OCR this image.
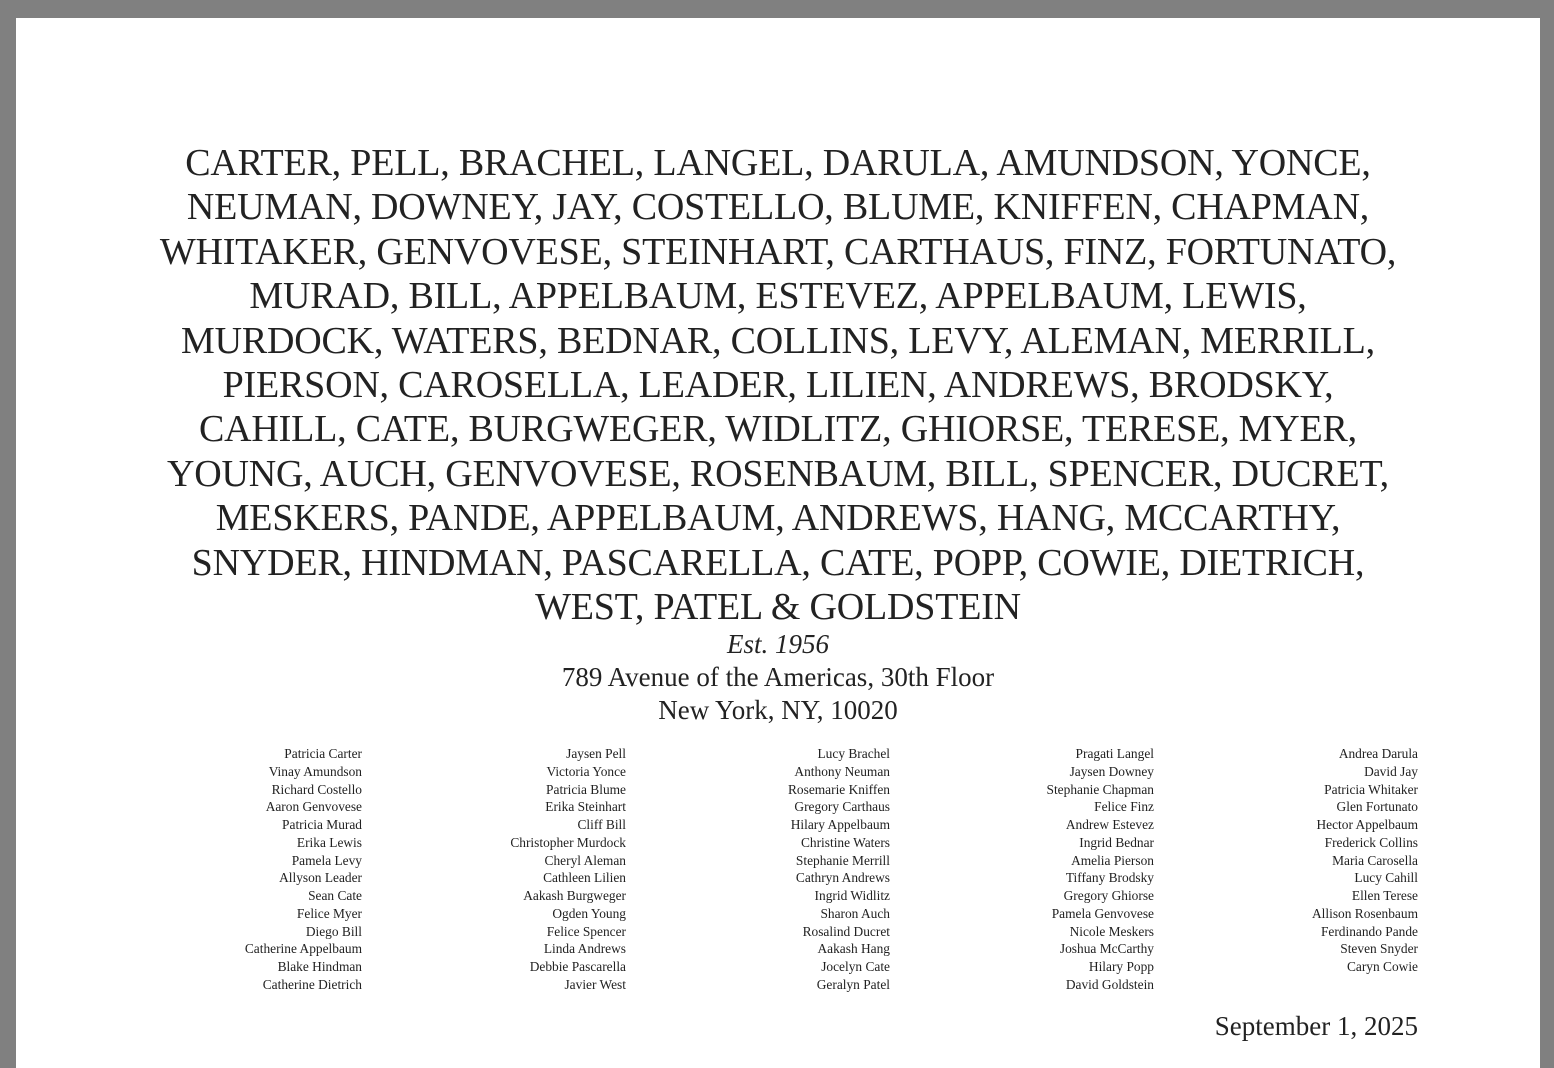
CARTER, PELL, BRACHEL, LANGEL, DARULA, AMUNDSON, YONCE,
NEUMAN, DOWNEY, JAY, COSTELLO, BLUME, KNIFFEN, CHAPMAN,
WHITAKER, GENVOVESE, STEINHART, CARTHAUS, FINZ, FORTUNATO,
MURAD, BILL, APPELBAUM, ESTEVEZ, APPELBAUM, LEWIS,
MURDOCK, WATERS, BEDNAR, COLLINS, LEVY, ALEMAN, MERRILL,
PIERSON, CAROSELLA, LEADER, LILIEN, ANDREWS, BRODSKY,
CAHILL, CATE, BURGWEGER, WIDLITZ, GHIORSE, TERESE, MYER,
YOUNG, AUCH, GENVOVESE, ROSENBAUM, BILL, SPENCER, DUCRET,
MESKERS, PANDE, APPELBAUM, ANDREWS, HANG, MCCARTHY,
SNYDER, HINDMAN, PASCARELLA, CATE, POPP, COWIE, DIETRICH,
WEST, PATEL & GOLDSTEIN
Est. 1956
789 Avenue of the Americas, 30th Floor
New York, NY, 10020
Patricia Carter
Vinay Amundson
Richard Costello
Aaron Genvovese
Patricia Murad
Erika Lewis
Pamela Levy
Allyson Leader
Sean Cate
Felice Myer
Diego Bill
Catherine Appelbaum
Blake Hindman
Catherine Dietrich
Jaysen Pell
Victoria Yonce
Patricia Blume
Erika Steinhart
Cliff Bill
Christopher Murdock
Cheryl Aleman
Cathleen Lilien
Aakash Burgweger
Ogden Young
Felice Spencer
Linda Andrews
Debbie Pascarella
Javier West
Lucy Brachel
Anthony Neuman
Rosemarie Kniffen
Gregory Carthaus
Hilary Appelbaum
Christine Waters
Stephanie Merrill
Cathryn Andrews
Ingrid Widlitz
Sharon Auch
Rosalind Ducret
Aakash Hang
Jocelyn Cate
Geralyn Patel
Pragati Langel
Jaysen Downey
Stephanie Chapman
Felice Finz
Andrew Estevez
Ingrid Bednar
Amelia Pierson
Tiffany Brodsky
Gregory Ghiorse
Pamela Genvovese
Nicole Meskers
Joshua McCarthy
Hilary Popp
David Goldstein
Andrea Darula
David Jay
Patricia Whitaker
Glen Fortunato
Hector Appelbaum
Frederick Collins
Maria Carosella
Lucy Cahill
Ellen Terese
Allison Rosenbaum
Ferdinando Pande
Steven Snyder
Caryn Cowie
September 1, 2025
